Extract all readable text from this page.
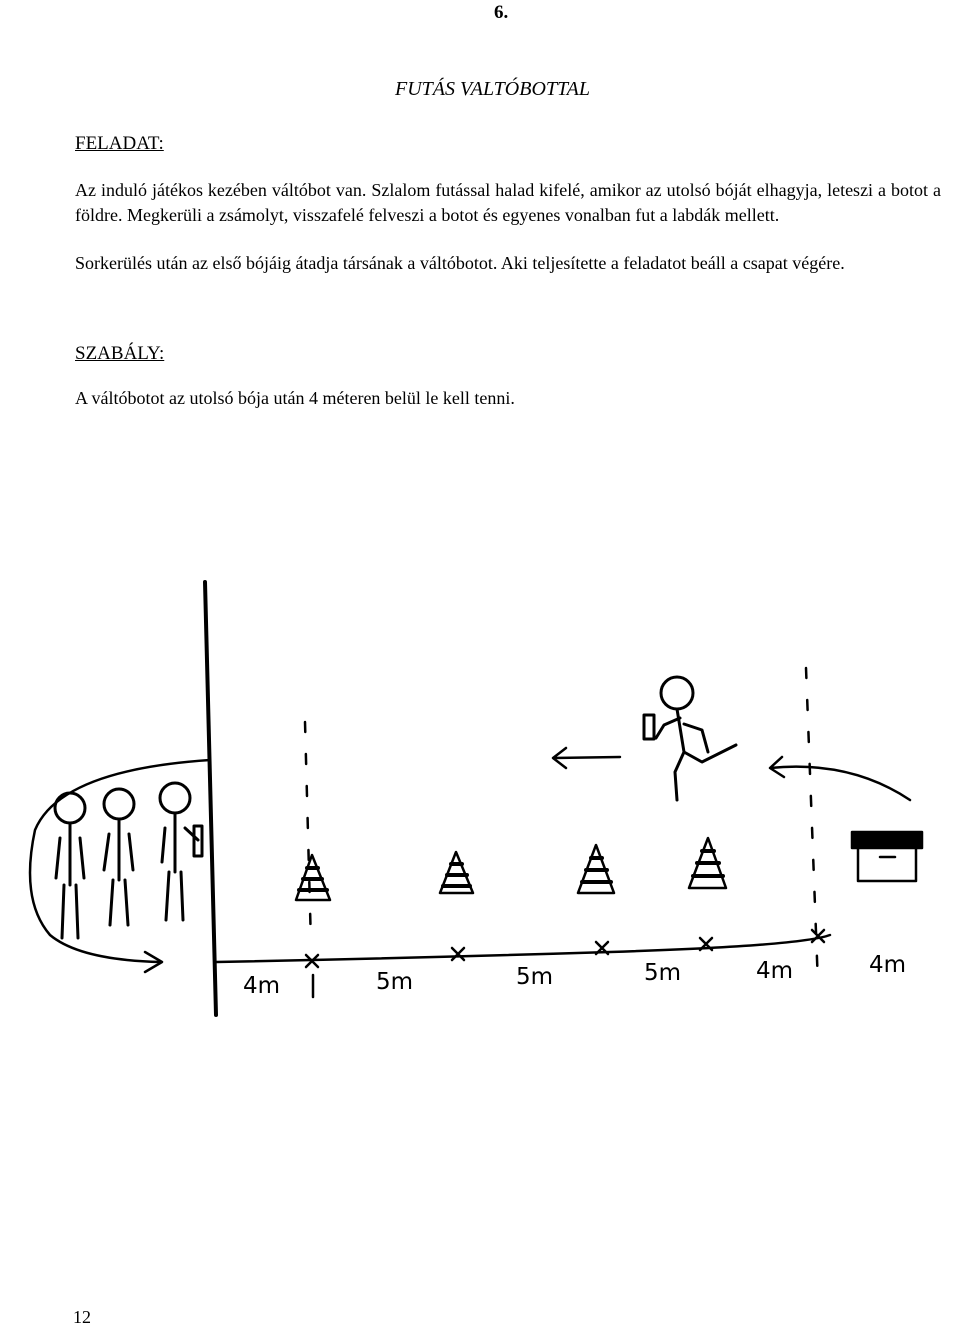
6.
FUTÁS VALTÓBOTTAL
FELADAT:
Az induló játékos kezében váltóbot van. Szlalom futással halad kifelé, amikor az utolsó bóját elhagyja, leteszi a botot a földre. Megkerüli a zsámolyt, visszafelé felveszi a botot és egyenes vonalban fut a labdák mellett.
Sorkerülés után az első bójáig átadja társának a váltóbotot. Aki teljesítette a feladatot beáll a csapat végére.
SZABÁLY:
A váltóbotot az utolsó bója után 4 méteren belül le kell tenni.
4m	5m	5m	5m	4m	4m
12
